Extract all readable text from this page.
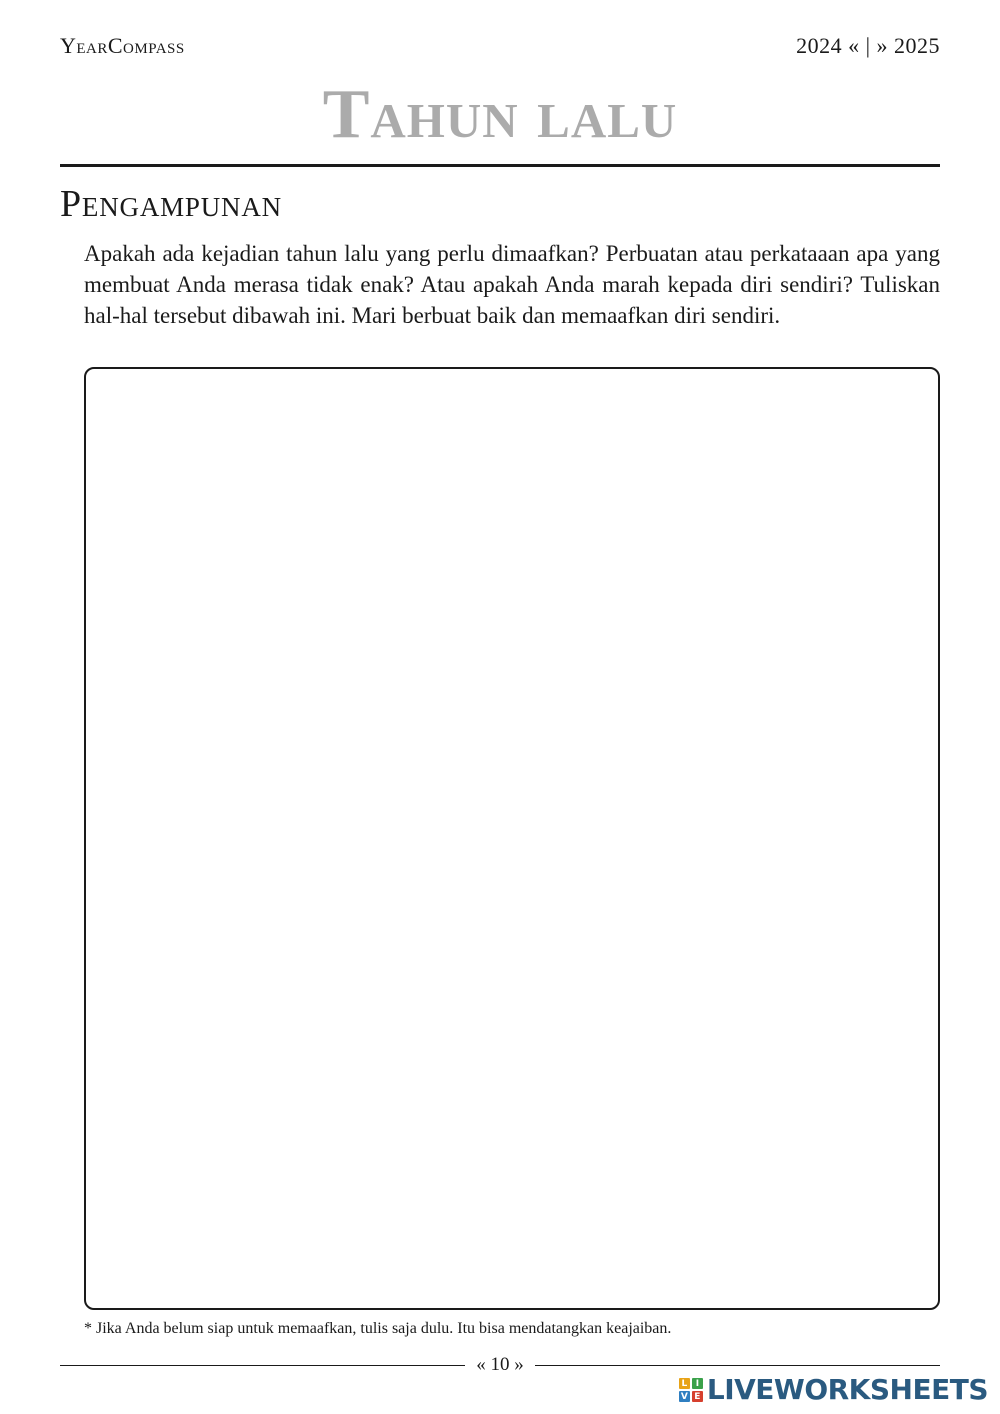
YearCompass	2024 « | » 2025
Tahun lalu
Pengampunan

Apakah ada kejadian tahun lalu yang perlu dimaafkan? Perbuatan atau perkataaan apa yang membuat Anda merasa tidak enak? Atau apakah Anda marah kepada diri sendiri? Tuliskan hal-hal tersebut dibawah ini. Mari berbuat baik dan memaafkan diri sendiri.

* Jika Anda belum siap untuk memaafkan, tulis saja dulu. Itu bisa mendatangkan keajaiban.
« 10 »
L I
V E LIVEWORKSHEETS
